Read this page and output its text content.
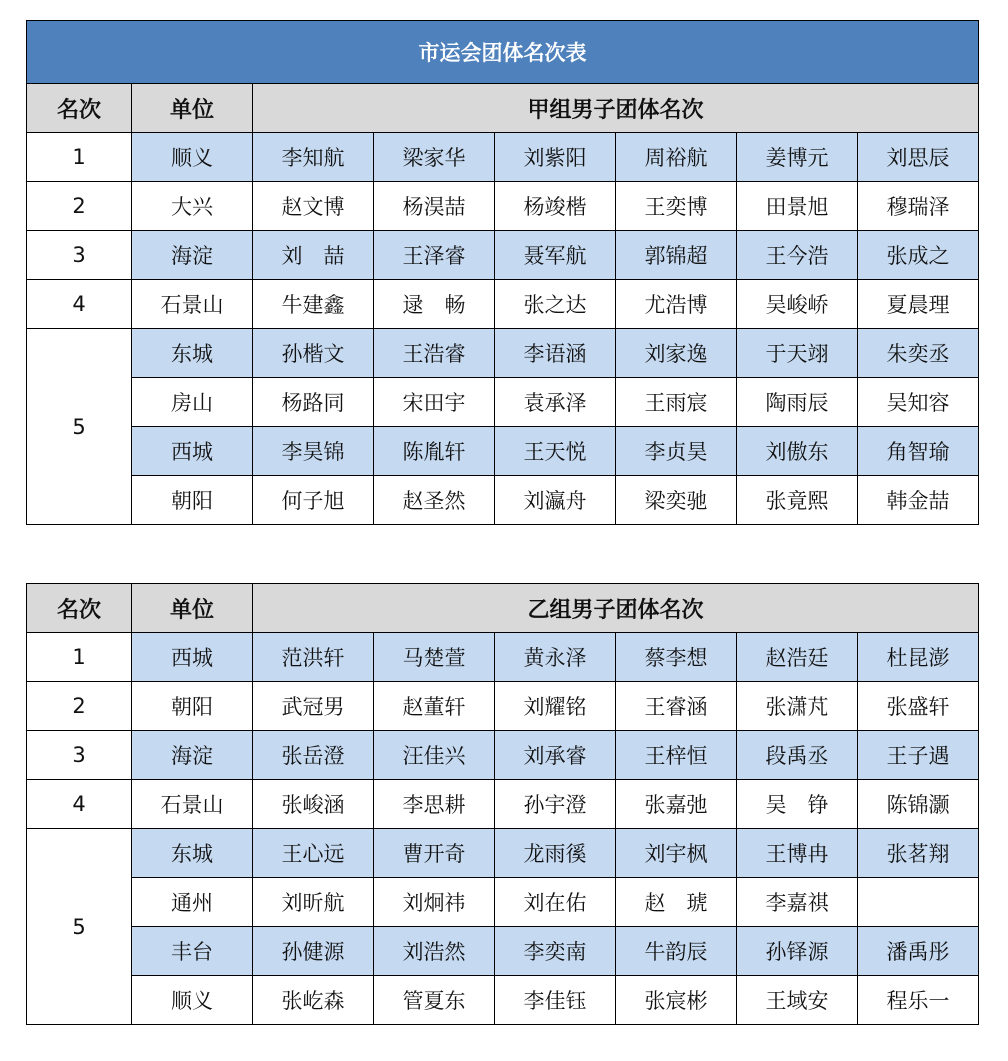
市运会团体名次表							
名次	单位	甲组男子团体名次					
1	顺义	李知航	梁家华	刘紫阳	周裕航	姜博元	刘思辰
2	大兴	赵文博	杨淏喆	杨竣楷	王奕博	田景旭	穆瑞泽
3	海淀	刘　喆	王泽睿	聂军航	郭锦超	王今浩	张成之
4	石景山	牛建鑫	逯　畅	张之达	尤浩博	吴峻峤	夏晨理
5	东城	孙楷文	王浩睿	李语涵	刘家逸	于天翊	朱奕丞
	房山	杨路同	宋田宇	袁承泽	王雨宸	陶雨辰	吴知容
	西城	李昊锦	陈胤轩	王天悦	李贞昊	刘傲东	角智瑜
	朝阳	何子旭	赵圣然	刘瀛舟	梁奕驰	张竟熙	韩金喆
名次	单位	乙组男子团体名次					
1	西城	范洪轩	马楚萱	黄永泽	蔡李想	赵浩廷	杜昆澎
2	朝阳	武冠男	赵董轩	刘耀铭	王睿涵	张潇芃	张盛轩
3	海淀	张岳澄	汪佳兴	刘承睿	王梓恒	段禹丞	王子遇
4	石景山	张峻涵	李思耕	孙宇澄	张嘉弛	吴　铮	陈锦灏
5	东城	王心远	曹开奇	龙雨徯	刘宇枫	王博冉	张茗翔
	通州	刘昕航	刘炯祎	刘在佑	赵　琥	李嘉祺	
	丰台	孙健源	刘浩然	李奕南	牛韵辰	孙铎源	潘禹彤
	顺义	张屹森	管夏东	李佳钰	张宸彬	王域安	程乐一
